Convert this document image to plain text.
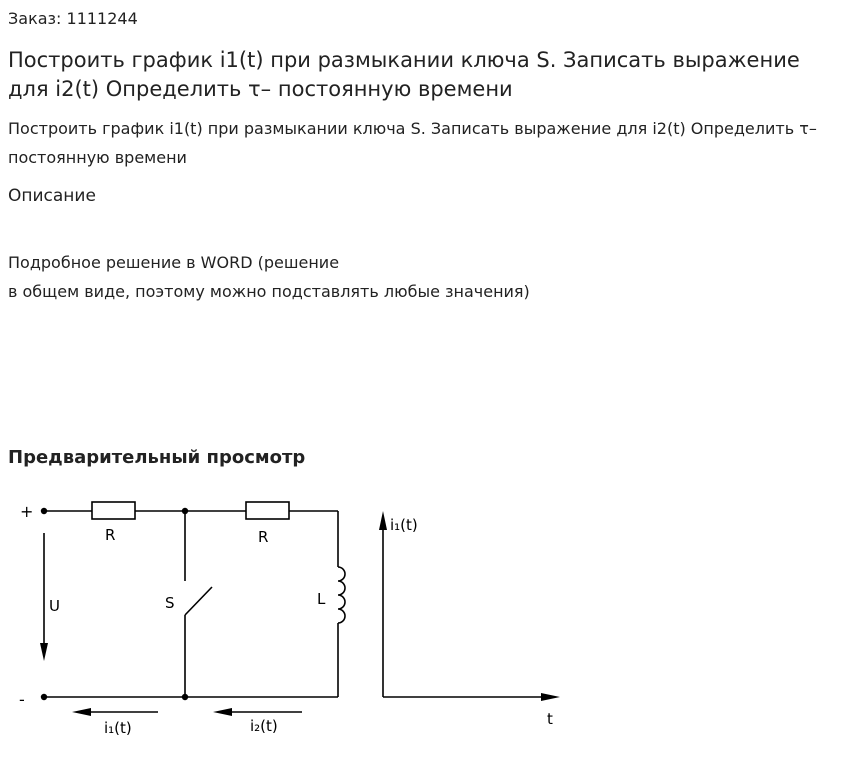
Заказ: 1111244

Построить график i1(t) при размыкании ключа S. Записать выражение для i2(t) Определить τ– постоянную времени

Построить график i1(t) при размыкании ключа S. Записать выражение для i2(t) Определить τ– постоянную времени

Описание
Подробное решение в WORD (решение
в общем виде, поэтому можно подставлять любые значения)
Предварительный просмотр
+
-
R	R
U	S	L
i₁(t)	i₂(t)
i₁(t)
t
